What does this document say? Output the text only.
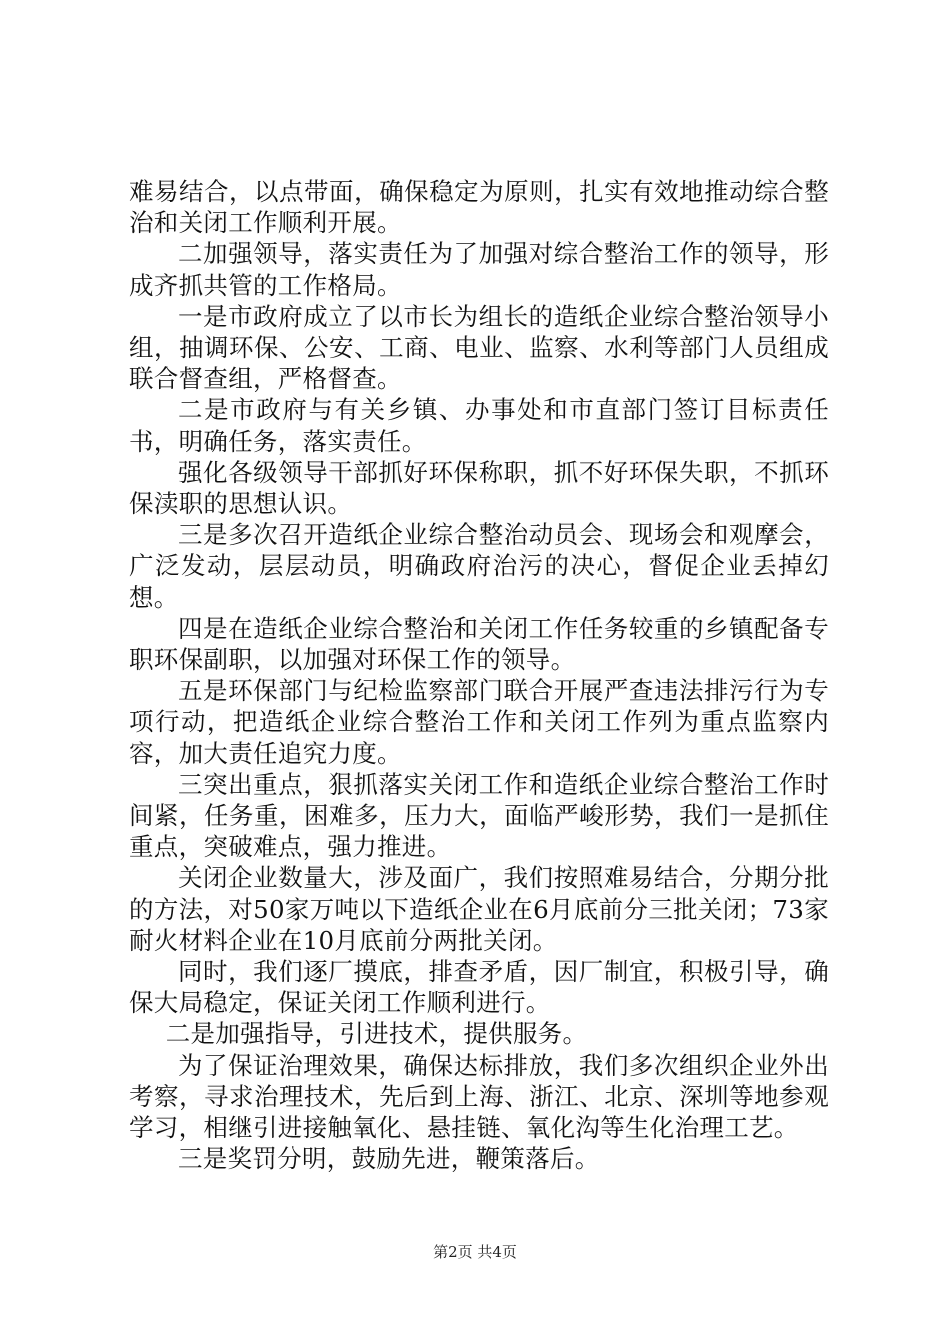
难易结合，以点带面，确保稳定为原则，扎实有效地推动综合整治和关闭工作顺利开展。

二加强领导，落实责任为了加强对综合整治工作的领导，形成齐抓共管的工作格局。

一是市政府成立了以市长为组长的造纸企业综合整治领导小组，抽调环保、公安、工商、电业、监察、水利等部门人员组成联合督查组，严格督查。

二是市政府与有关乡镇、办事处和市直部门签订目标责任书，明确任务，落实责任。

强化各级领导干部抓好环保称职，抓不好环保失职，不抓环保渎职的思想认识。

三是多次召开造纸企业综合整治动员会、现场会和观摩会，广泛发动，层层动员，明确政府治污的决心，督促企业丢掉幻想。

四是在造纸企业综合整治和关闭工作任务较重的乡镇配备专职环保副职，以加强对环保工作的领导。

五是环保部门与纪检监察部门联合开展严查违法排污行为专项行动，把造纸企业综合整治工作和关闭工作列为重点监察内容，加大责任追究力度。

三突出重点，狠抓落实关闭工作和造纸企业综合整治工作时间紧，任务重，困难多，压力大，面临严峻形势，我们一是抓住重点，突破难点，强力推进。

关闭企业数量大，涉及面广，我们按照难易结合，分期分批的方法，对50家万吨以下造纸企业在6月底前分三批关闭；73家耐火材料企业在10月底前分两批关闭。

同时，我们逐厂摸底，排查矛盾，因厂制宜，积极引导，确保大局稳定，保证关闭工作顺利进行。

二是加强指导，引进技术，提供服务。

为了保证治理效果，确保达标排放，我们多次组织企业外出考察，寻求治理技术，先后到上海、浙江、北京、深圳等地参观学习，相继引进接触氧化、悬挂链、氧化沟等生化治理工艺。

三是奖罚分明，鼓励先进，鞭策落后。

第2页 共4页
